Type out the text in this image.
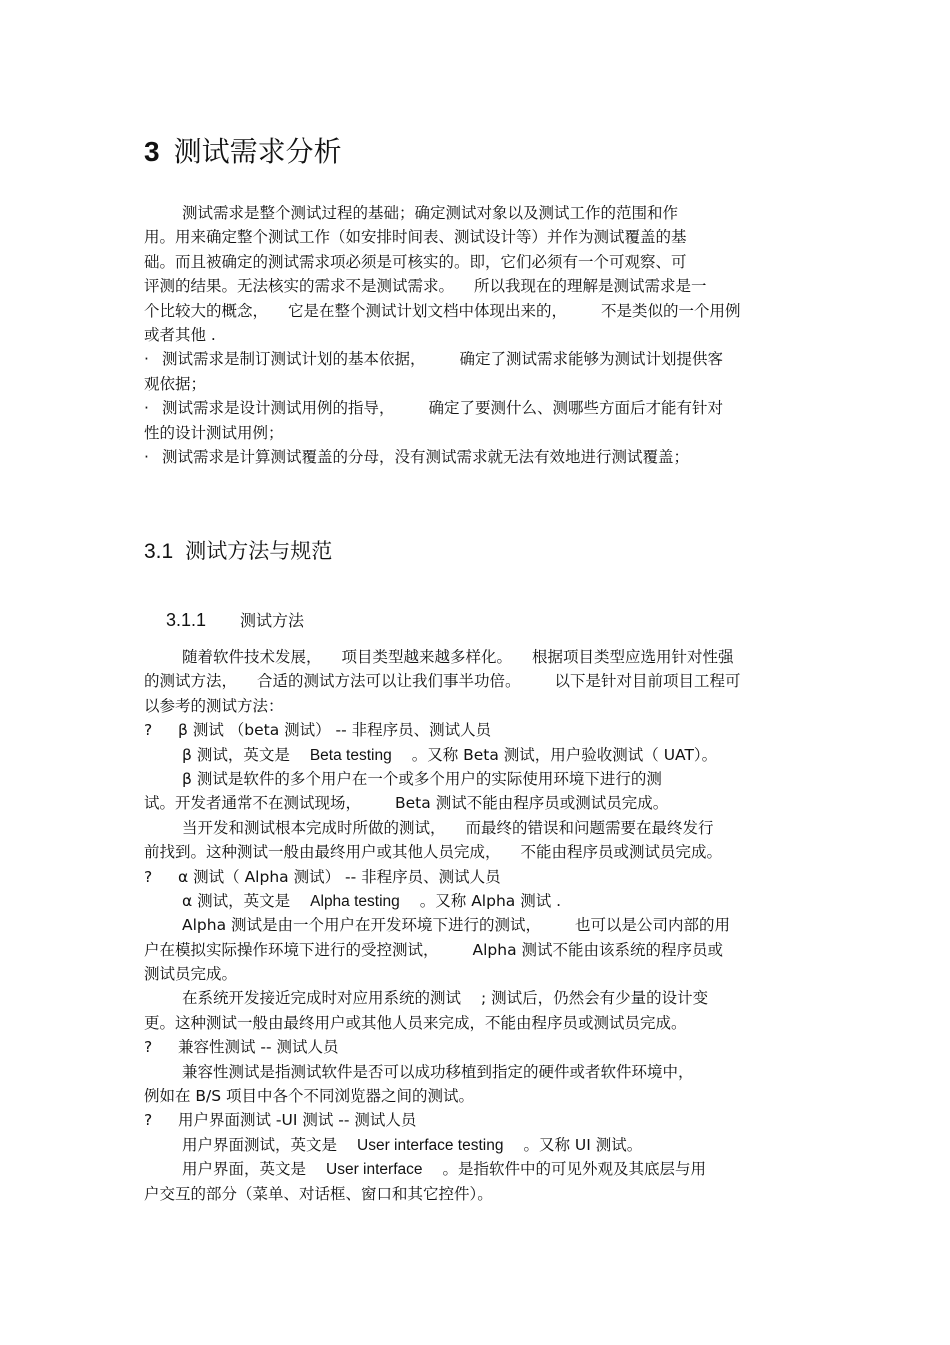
3 测试需求分析
测试需求是整个测试过程的基础；确定测试对象以及测试工作的范围和作
用。用来确定整个测试工作（如安排时间表、测试设计等）并作为测试覆盖的基
础。而且被确定的测试需求项必须是可核实的。即，它们必须有一个可观察、可
评测的结果。无法核实的需求不是测试需求。 所以我现在的理解是测试需求是一
个比较大的概念， 它是在整个测试计划文档中体现出来的， 不是类似的一个用例
或者其他 .
· 测试需求是制订测试计划的基本依据， 确定了测试需求能够为测试计划提供客
观依据；
· 测试需求是设计测试用例的指导， 确定了要测什么、测哪些方面后才能有针对
性的设计测试用例；
· 测试需求是计算测试覆盖的分母，没有测试需求就无法有效地进行测试覆盖；
3.1 测试方法与规范
3.1.1 测试方法
随着软件技术发展， 项目类型越来越多样化。 根据项目类型应选用针对性强
的测试方法， 合适的测试方法可以让我们事半功倍。 以下是针对目前项目工程可
以参考的测试方法：
? β 测试 （beta 测试） -- 非程序员、测试人员
β 测试，英文是 Beta testing 。又称 Beta 测试，用户验收测试（ UAT）。
β 测试是软件的多个用户在一个或多个用户的实际使用环境下进行的测
试。开发者通常不在测试现场， Beta 测试不能由程序员或测试员完成。
当开发和测试根本完成时所做的测试， 而最终的错误和问题需要在最终发行
前找到。这种测试一般由最终用户或其他人员完成， 不能由程序员或测试员完成。
? α 测试（ Alpha 测试） -- 非程序员、测试人员
α 测试，英文是 Alpha testing 。又称 Alpha 测试 .
Alpha 测试是由一个用户在开发环境下进行的测试， 也可以是公司内部的用
户在模拟实际操作环境下进行的受控测试， Alpha 测试不能由该系统的程序员或
测试员完成。
在系统开发接近完成时对应用系统的测试 ; 测试后，仍然会有少量的设计变
更。这种测试一般由最终用户或其他人员来完成，不能由程序员或测试员完成。
? 兼容性测试 -- 测试人员
兼容性测试是指测试软件是否可以成功移植到指定的硬件或者软件环境中，
例如在 B/S 项目中各个不同浏览器之间的测试。
? 用户界面测试 -UI 测试 -- 测试人员
用户界面测试，英文是 User interface testing 。又称 UI 测试。
用户界面，英文是 User interface 。是指软件中的可见外观及其底层与用
户交互的部分（菜单、对话框、窗口和其它控件）。
